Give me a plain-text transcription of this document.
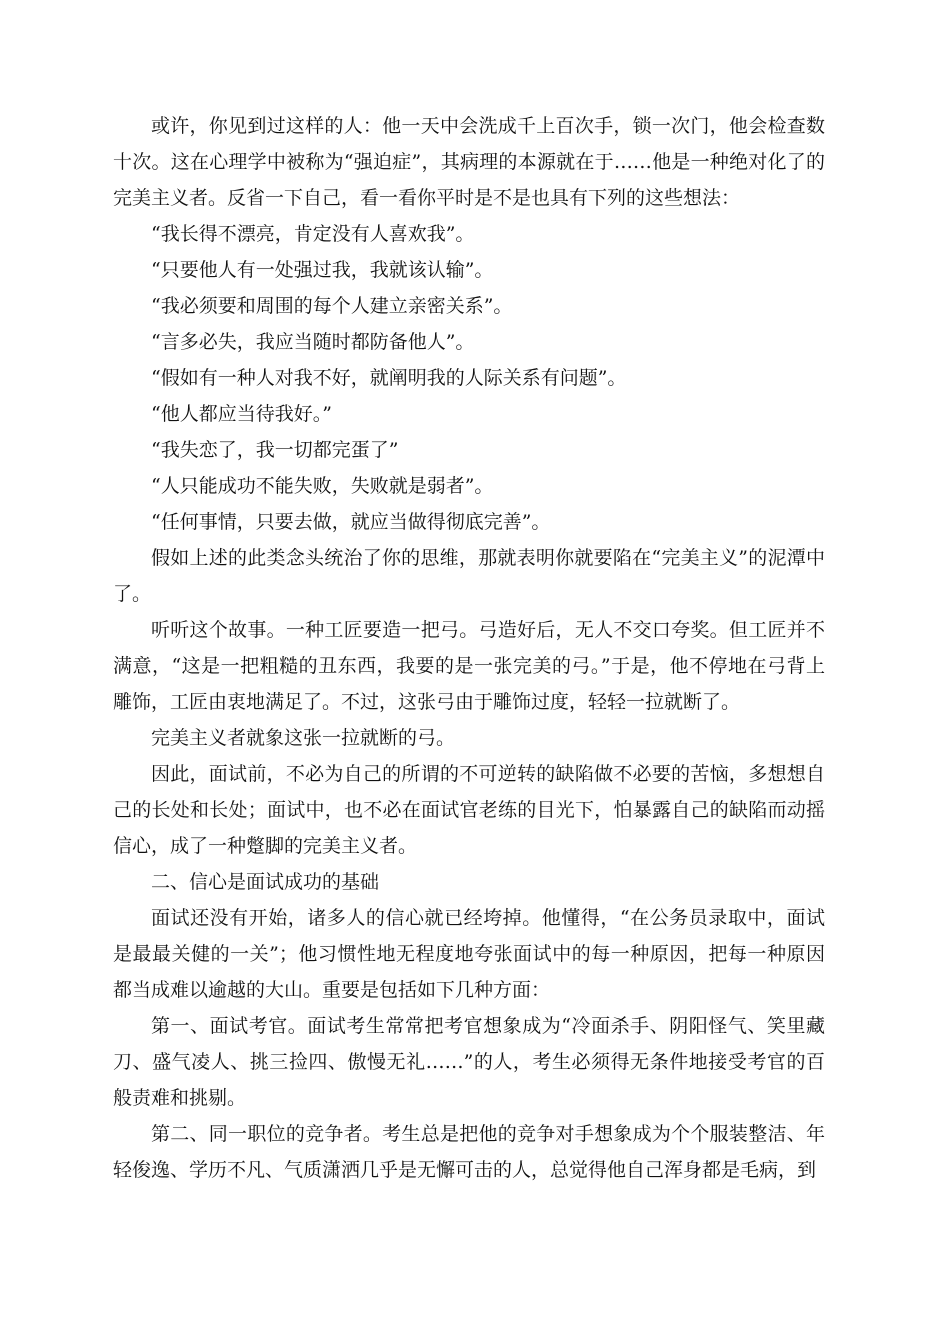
或许，你见到过这样的人：他一天中会洗成千上百次手，锁一次门，他会检查数十次。这在心理学中被称为“强迫症”，其病理的本源就在于……他是一种绝对化了的完美主义者。反省一下自己，看一看你平时是不是也具有下列的这些想法：

“我长得不漂亮，肯定没有人喜欢我”。

“只要他人有一处强过我，我就该认输”。

“我必须要和周围的每个人建立亲密关系”。

“言多必失，我应当随时都防备他人”。

“假如有一种人对我不好，就阐明我的人际关系有问题”。

“他人都应当待我好。”

“我失恋了，我一切都完蛋了”

“人只能成功不能失败，失败就是弱者”。

“任何事情，只要去做，就应当做得彻底完善”。

假如上述的此类念头统治了你的思维，那就表明你就要陷在“完美主义”的泥潭中了。

听听这个故事。一种工匠要造一把弓。弓造好后，无人不交口夸奖。但工匠并不满意，“这是一把粗糙的丑东西，我要的是一张完美的弓。”于是，他不停地在弓背上雕饰，工匠由衷地满足了。不过，这张弓由于雕饰过度，轻轻一拉就断了。

完美主义者就象这张一拉就断的弓。

因此，面试前，不必为自己的所谓的不可逆转的缺陷做不必要的苦恼，多想想自己的长处和长处；面试中，也不必在面试官老练的目光下，怕暴露自己的缺陷而动摇信心，成了一种蹩脚的完美主义者。

二、信心是面试成功的基础

面试还没有开始，诸多人的信心就已经垮掉。他懂得，“在公务员录取中，面试是最最关健的一关”；他习惯性地无程度地夸张面试中的每一种原因，把每一种原因都当成难以逾越的大山。重要是包括如下几种方面：

第一、面试考官。面试考生常常把考官想象成为“冷面杀手、阴阳怪气、笑里藏刀、盛气凌人、挑三捡四、傲慢无礼……”的人，考生必须得无条件地接受考官的百般责难和挑剔。

第二、同一职位的竞争者。考生总是把他的竞争对手想象成为个个服装整洁、年轻俊逸、学历不凡、气质潇洒几乎是无懈可击的人，总觉得他自己浑身都是毛病，到
